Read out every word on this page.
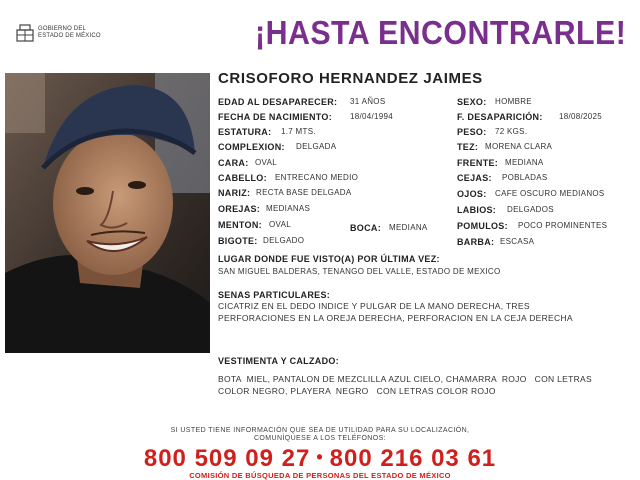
GOBIERNO DEL
ESTADO DE MÉXICO	¡HASTA ENCONTRARLE!
CRISOFORO HERNANDEZ JAIMES
EDAD AL DESAPARECER: 31 AÑOS
FECHA DE NACIMIENTO: 18/04/1994
ESTATURA: 1.7 MTS.
COMPLEXION: DELGADA
CARA: OVAL
CABELLO: ENTRECANO MEDIO
NARIZ: RECTA BASE DELGADA
OREJAS: MEDIANAS
MENTON: OVAL
BIGOTE: DELGADO
BOCA: MEDIANA
SEXO: HOMBRE
F. DESAPARICIÓN: 18/08/2025
PESO: 72 KGS.
TEZ: MORENA CLARA
FRENTE: MEDIANA
CEJAS: POBLADAS
OJOS: CAFE OSCURO MEDIANOS
LABIOS: DELGADOS
POMULOS: POCO PROMINENTES
BARBA: ESCASA
LUGAR DONDE FUE VISTO(A) POR ÚLTIMA VEZ:
SAN MIGUEL BALDERAS, TENANGO DEL VALLE, ESTADO DE MEXICO
SENAS PARTICULARES:
CICATRIZ EN EL DEDO INDICE Y PULGAR DE LA MANO DERECHA, TRES
PERFORACIONES EN LA OREJA DERECHA, PERFORACION EN LA CEJA DERECHA
VESTIMENTA Y CALZADO:
BOTA  MIEL, PANTALON DE MEZCLILLA AZUL CIELO, CHAMARRA  ROJO   CON LETRAS
COLOR NEGRO, PLAYERA  NEGRO   CON LETRAS COLOR ROJO
SI USTED TIENE INFORMACIÓN QUE SEA DE UTILIDAD PARA SU LOCALIZACIÓN,
COMUNÍQUESE A LOS TELÉFONOS:
800 509 09 27 • 800 216 03 61
COMISIÓN DE BÚSQUEDA DE PERSONAS DEL ESTADO DE MÉXICO
